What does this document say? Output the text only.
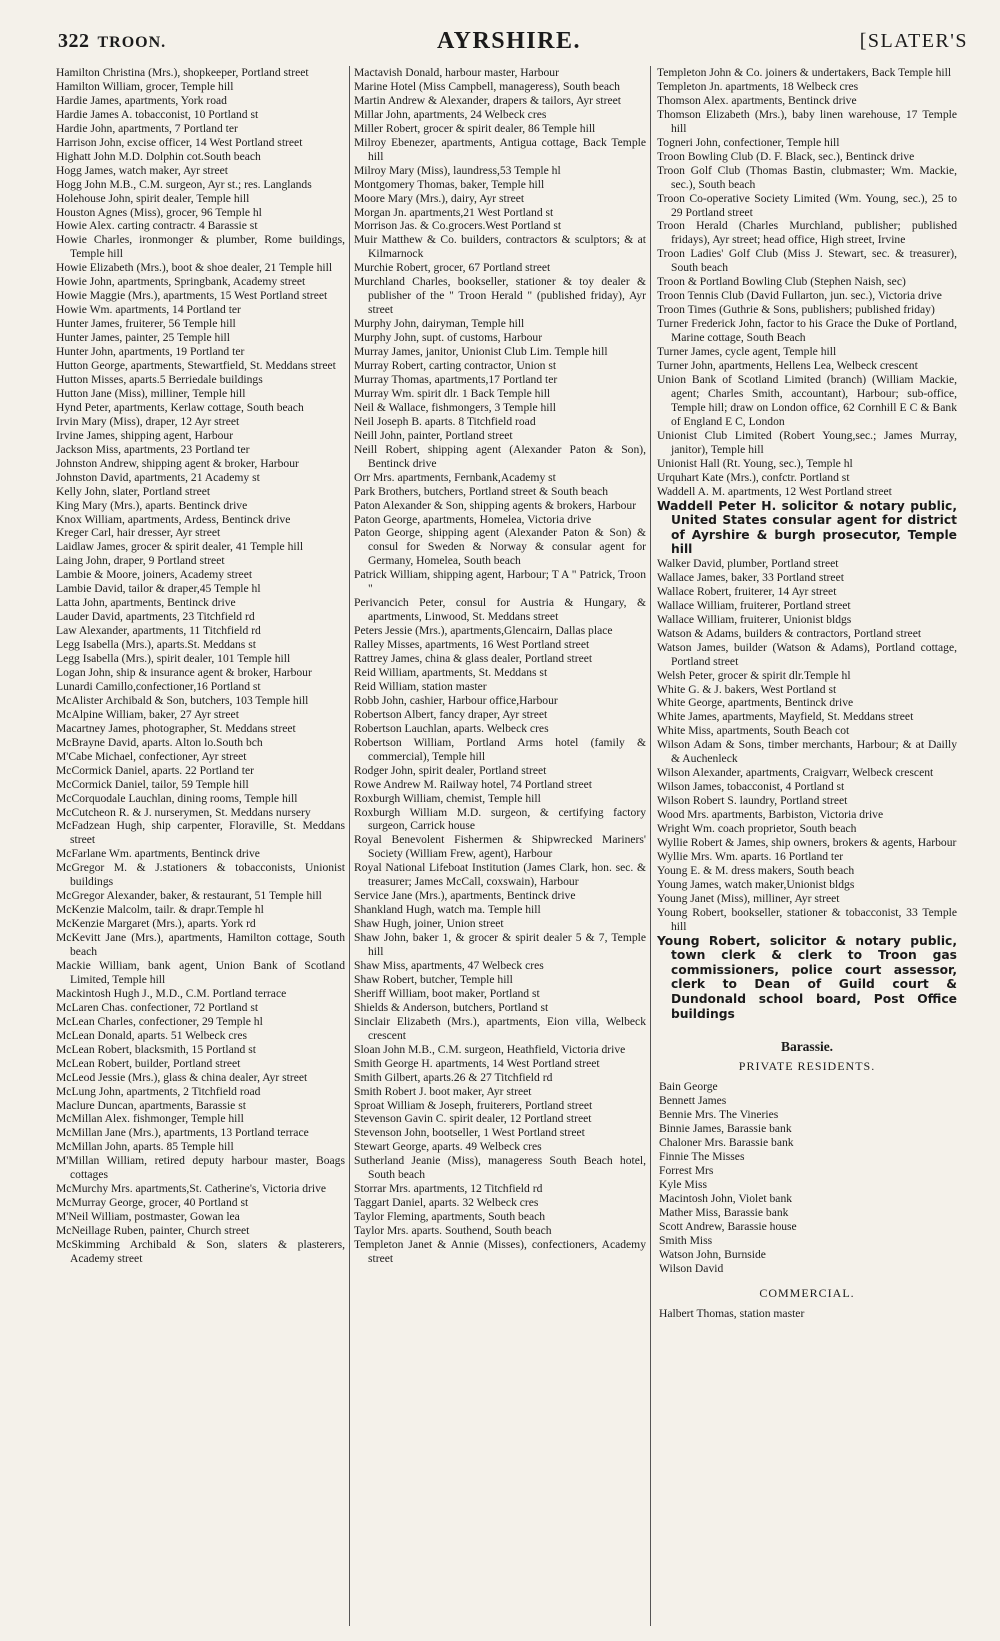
322 TROON.	AYRSHIRE.	[SLATER'S
Hamilton Christina (Mrs.), shopkeeper, Portland street
Hamilton William, grocer, Temple hill
Hardie James, apartments, York road
Hardie James A. tobacconist, 10 Portland st
Hardie John, apartments, 7 Portland ter
Harrison John, excise officer, 14 West Portland street
Highatt John M.D. Dolphin cot.South beach
Hogg James, watch maker, Ayr street
Hogg John M.B., C.M. surgeon, Ayr st.; res. Langlands
Holehouse John, spirit dealer, Temple hill
Houston Agnes (Miss), grocer, 96 Temple hl
Howie Alex. carting contractr. 4 Barassie st
Howie Charles, ironmonger & plumber, Rome buildings, Temple hill
Howie Elizabeth (Mrs.), boot & shoe dealer, 21 Temple hill
Howie John, apartments, Springbank, Academy street
Howie Maggie (Mrs.), apartments, 15 West Portland street
Howie Wm. apartments, 14 Portland ter
Hunter James, fruiterer, 56 Temple hill
Hunter James, painter, 25 Temple hill
Hunter John, apartments, 19 Portland ter
Hutton George, apartments, Stewartfield, St. Meddans street
Hutton Misses, aparts.5 Berriedale buildings
Hutton Jane (Miss), milliner, Temple hill
Hynd Peter, apartments, Kerlaw cottage, South beach
Irvin Mary (Miss), draper, 12 Ayr street
Irvine James, shipping agent, Harbour
Jackson Miss, apartments, 23 Portland ter
Johnston Andrew, shipping agent & broker, Harbour
Johnston David, apartments, 21 Academy st
Kelly John, slater, Portland street
King Mary (Mrs.), aparts. Bentinck drive
Knox William, apartments, Ardess, Bentinck drive
Kreger Carl, hair dresser, Ayr street
Laidlaw James, grocer & spirit dealer, 41 Temple hill
Laing John, draper, 9 Portland street
Lambie & Moore, joiners, Academy street
Lambie David, tailor & draper,45 Temple hl
Latta John, apartments, Bentinck drive
Lauder David, apartments, 23 Titchfield rd
Law Alexander, apartments, 11 Titchfield rd
Legg Isabella (Mrs.), aparts.St. Meddans st
Legg Isabella (Mrs.), spirit dealer, 101 Temple hill
Logan John, ship & insurance agent & broker, Harbour
Lunardi Camillo,confectioner,16 Portland st
McAlister Archibald & Son, butchers, 103 Temple hill
McAlpine William, baker, 27 Ayr street
Macartney James, photographer, St. Meddans street
McBrayne David, aparts. Alton lo.South bch
M'Cabe Michael, confectioner, Ayr street
McCormick Daniel, aparts. 22 Portland ter
McCormick Daniel, tailor, 59 Temple hill
McCorquodale Lauchlan, dining rooms, Temple hill
McCutcheon R. & J. nurserymen, St. Meddans nursery
McFadzean Hugh, ship carpenter, Floraville, St. Meddans street
McFarlane Wm. apartments, Bentinck drive
McGregor M. & J.stationers & tobacconists, Unionist buildings
McGregor Alexander, baker, & restaurant, 51 Temple hill
McKenzie Malcolm, tailr. & drapr.Temple hl
McKenzie Margaret (Mrs.), aparts. York rd
McKevitt Jane (Mrs.), apartments, Hamilton cottage, South beach
Mackie William, bank agent, Union Bank of Scotland Limited, Temple hill
Mackintosh Hugh J., M.D., C.M. Portland terrace
McLaren Chas. confectioner, 72 Portland st
McLean Charles, confectioner, 29 Temple hl
McLean Donald, aparts. 51 Welbeck cres
McLean Robert, blacksmith, 15 Portland st
McLean Robert, builder, Portland street
McLeod Jessie (Mrs.), glass & china dealer, Ayr street
McLung John, apartments, 2 Titchfield road
Maclure Duncan, apartments, Barassie st
McMillan Alex. fishmonger, Temple hill
McMillan Jane (Mrs.), apartments, 13 Portland terrace
McMillan John, aparts. 85 Temple hill
M'Millan William, retired deputy harbour master, Boags cottages
McMurchy Mrs. apartments,St. Catherine's, Victoria drive
McMurray George, grocer, 40 Portland st
M'Neil William, postmaster, Gowan lea
McNeillage Ruben, painter, Church street
McSkimming Archibald & Son, slaters & plasterers, Academy street
Mactavish Donald, harbour master, Harbour
Marine Hotel (Miss Campbell, manageress), South beach
Martin Andrew & Alexander, drapers & tailors, Ayr street
Millar John, apartments, 24 Welbeck cres
Miller Robert, grocer & spirit dealer, 86 Temple hill
Milroy Ebenezer, apartments, Antigua cottage, Back Temple hill
Milroy Mary (Miss), laundress,53 Temple hl
Montgomery Thomas, baker, Temple hill
Moore Mary (Mrs.), dairy, Ayr street
Morgan Jn. apartments,21 West Portland st
Morrison Jas. & Co.grocers.West Portland st
Muir Matthew & Co. builders, contractors & sculptors; & at Kilmarnock
Murchie Robert, grocer, 67 Portland street
Murchland Charles, bookseller, stationer & toy dealer & publisher of the " Troon Herald " (published friday), Ayr street
Murphy John, dairyman, Temple hill
Murphy John, supt. of customs, Harbour
Murray James, janitor, Unionist Club Lim. Temple hill
Murray Robert, carting contractor, Union st
Murray Thomas, apartments,17 Portland ter
Murray Wm. spirit dlr. 1 Back Temple hill
Neil & Wallace, fishmongers, 3 Temple hill
Neil Joseph B. aparts. 8 Titchfield road
Neill John, painter, Portland street
Neill Robert, shipping agent (Alexander Paton & Son), Bentinck drive
Orr Mrs. apartments, Fernbank,Academy st
Park Brothers, butchers, Portland street & South beach
Paton Alexander & Son, shipping agents & brokers, Harbour
Paton George, apartments, Homelea, Victoria drive
Paton George, shipping agent (Alexander Paton & Son) & consul for Sweden & Norway & consular agent for Germany, Homelea, South beach
Patrick William, shipping agent, Harbour; T A " Patrick, Troon "
Perivancich Peter, consul for Austria & Hungary, & apartments, Linwood, St. Meddans street
Peters Jessie (Mrs.), apartments,Glencairn, Dallas place
Ralley Misses, apartments, 16 West Portland street
Rattrey James, china & glass dealer, Portland street
Reid William, apartments, St. Meddans st
Reid William, station master
Robb John, cashier, Harbour office,Harbour
Robertson Albert, fancy draper, Ayr street
Robertson Lauchlan, aparts. Welbeck cres
Robertson William, Portland Arms hotel (family & commercial), Temple hill
Rodger John, spirit dealer, Portland street
Rowe Andrew M. Railway hotel, 74 Portland street
Roxburgh William, chemist, Temple hill
Roxburgh William M.D. surgeon, & certifying factory surgeon, Carrick house
Royal Benevolent Fishermen & Shipwrecked Mariners' Society (William Frew, agent), Harbour
Royal National Lifeboat Institution (James Clark, hon. sec. & treasurer; James McCall, coxswain), Harbour
Service Jane (Mrs.), apartments, Bentinck drive
Shankland Hugh, watch ma. Temple hill
Shaw Hugh, joiner, Union street
Shaw John, baker 1, & grocer & spirit dealer 5 & 7, Temple hill
Shaw Miss, apartments, 47 Welbeck cres
Shaw Robert, butcher, Temple hill
Sheriff William, boot maker, Portland st
Shields & Anderson, butchers, Portland st
Sinclair Elizabeth (Mrs.), apartments, Eion villa, Welbeck crescent
Sloan John M.B., C.M. surgeon, Heathfield, Victoria drive
Smith George H. apartments, 14 West Portland street
Smith Gilbert, aparts.26 & 27 Titchfield rd
Smith Robert J. boot maker, Ayr street
Sproat William & Joseph, fruiterers, Portland street
Stevenson Gavin C. spirit dealer, 12 Portland street
Stevenson John, bootseller, 1 West Portland street
Stewart George, aparts. 49 Welbeck cres
Sutherland Jeanie (Miss), manageress South Beach hotel, South beach
Storrar Mrs. apartments, 12 Titchfield rd
Taggart Daniel, aparts. 32 Welbeck cres
Taylor Fleming, apartments, South beach
Taylor Mrs. aparts. Southend, South beach
Templeton Janet & Annie (Misses), confectioners, Academy street
Templeton John & Co. joiners & undertakers, Back Temple hill
Templeton Jn. apartments, 18 Welbeck cres
Thomson Alex. apartments, Bentinck drive
Thomson Elizabeth (Mrs.), baby linen warehouse, 17 Temple hill
Togneri John, confectioner, Temple hill
Troon Bowling Club (D. F. Black, sec.), Bentinck drive
Troon Golf Club (Thomas Bastin, clubmaster; Wm. Mackie, sec.), South beach
Troon Co-operative Society Limited (Wm. Young, sec.), 25 to 29 Portland street
Troon Herald (Charles Murchland, publisher; published fridays), Ayr street; head office, High street, Irvine
Troon Ladies' Golf Club (Miss J. Stewart, sec. & treasurer), South beach
Troon & Portland Bowling Club (Stephen Naish, sec)
Troon Tennis Club (David Fullarton, jun. sec.), Victoria drive
Troon Times (Guthrie & Sons, publishers; published friday)
Turner Frederick John, factor to his Grace the Duke of Portland, Marine cottage, South Beach
Turner James, cycle agent, Temple hill
Turner John, apartments, Hellens Lea, Welbeck crescent
Union Bank of Scotland Limited (branch) (William Mackie, agent; Charles Smith, accountant), Harbour; sub-office, Temple hill; draw on London office, 62 Cornhill E C & Bank of England E C, London
Unionist Club Limited (Robert Young,sec.; James Murray, janitor), Temple hill
Unionist Hall (Rt. Young, sec.), Temple hl
Urquhart Kate (Mrs.), confctr. Portland st
Waddell A. M. apartments, 12 West Portland street
Waddell Peter H. solicitor & notary public, United States consular agent for district of Ayrshire & burgh prosecutor, Temple hill
Walker David, plumber, Portland street
Wallace James, baker, 33 Portland street
Wallace Robert, fruiterer, 14 Ayr street
Wallace William, fruiterer, Portland street
Wallace William, fruiterer, Unionist bldgs
Watson & Adams, builders & contractors, Portland street
Watson James, builder (Watson & Adams), Portland cottage, Portland street
Welsh Peter, grocer & spirit dlr.Temple hl
White G. & J. bakers, West Portland st
White George, apartments, Bentinck drive
White James, apartments, Mayfield, St. Meddans street
White Miss, apartments, South Beach cot
Wilson Adam & Sons, timber merchants, Harbour; & at Dailly & Auchenleck
Wilson Alexander, apartments, Craigvarr, Welbeck crescent
Wilson James, tobacconist, 4 Portland st
Wilson Robert S. laundry, Portland street
Wood Mrs. apartments, Barbiston, Victoria drive
Wright Wm. coach proprietor, South beach
Wyllie Robert & James, ship owners, brokers & agents, Harbour
Wyllie Mrs. Wm. aparts. 16 Portland ter
Young E. & M. dress makers, South beach
Young James, watch maker,Unionist bldgs
Young Janet (Miss), milliner, Ayr street
Young Robert, bookseller, stationer & tobacconist, 33 Temple hill
Young Robert, solicitor & notary public, town clerk & clerk to Troon gas commissioners, police court assessor, clerk to Dean of Guild court & Dundonald school board, Post Office buildings
Barassie.
PRIVATE RESIDENTS.
Bain George
Bennett James
Bennie Mrs. The Vineries
Binnie James, Barassie bank
Chaloner Mrs. Barassie bank
Finnie The Misses
Forrest Mrs
Kyle Miss
Macintosh John, Violet bank
Mather Miss, Barassie bank
Scott Andrew, Barassie house
Smith Miss
Watson John, Burnside
Wilson David
COMMERCIAL.
Halbert Thomas, station master
